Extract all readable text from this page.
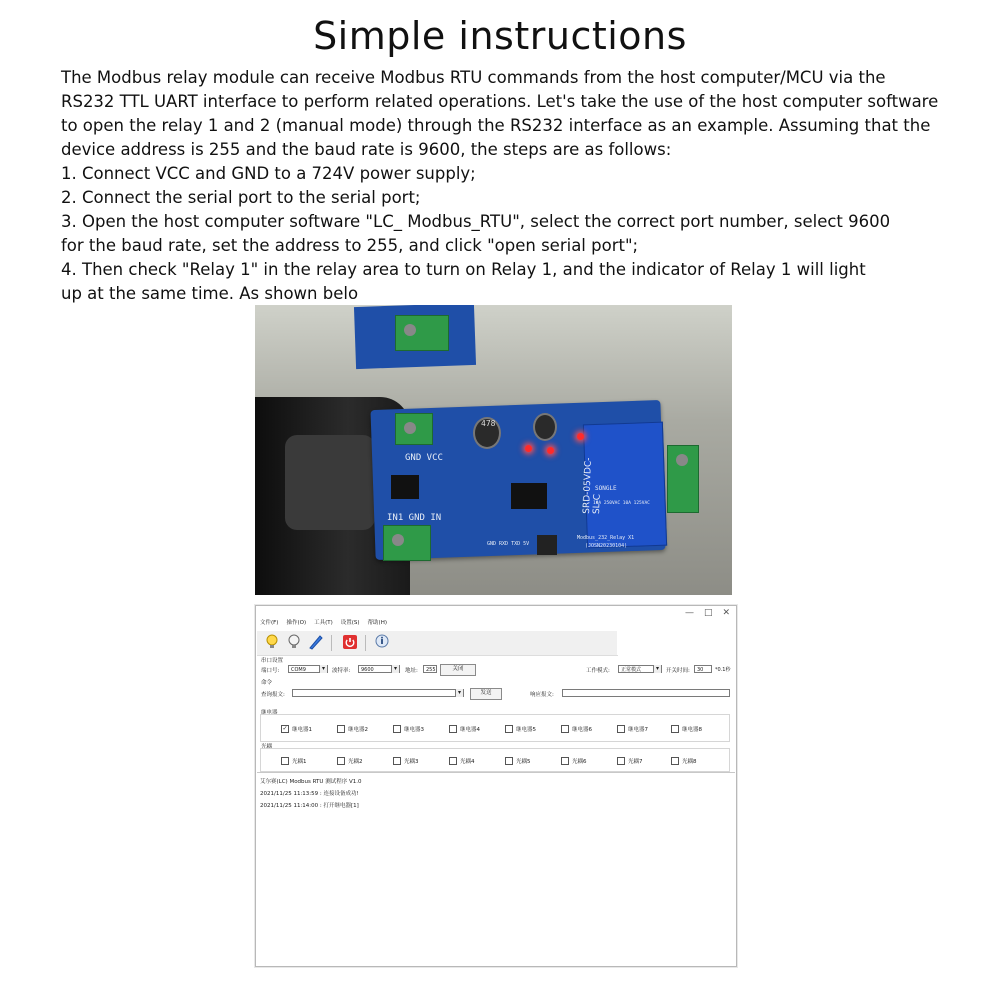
Simple instructions

The Modbus relay module can receive Modbus RTU commands from the host computer/MCU via the

RS232 TTL UART interface to perform related operations. Let's take the use of the host computer software

to open the relay 1 and 2 (manual mode) through the RS232 interface as an example. Assuming that the

device address is 255 and the baud rate is 9600, the steps are as follows:

1. Connect VCC and GND to a 724V power supply;

2. Connect the serial port to the serial port;

3. Open the host computer software "LC_ Modbus_RTU", select the correct port number, select 9600

for the baud rate, set the address to 255, and click "open serial port";

4. Then check "Relay 1" in the relay area to turn on Relay 1, and the indicator of Relay 1 will light

up at the same time. As shown belo

SRD-05VDC-SL-C
GND VCC
IN1 GND IN
478
GND RXD TXD 5V
Modbus_232_Relay X1
(JOSN20230104)
SONGLE
10A 250VAC 10A 125VAC
— □ ✕
文件(F) 操作(O) 工具(T) 设置(S) 帮助(H)
串口设置
端口号:	COM9 ▾	波特率:	9600 ▾	地址:	255	关闭	工作模式:	正常模式 ▾	开关时间:	30	*0.1秒
命令
查询报文:
▾	发送	响应报文:
继电器
✓ 继电器1	继电器2	继电器3	继电器4	继电器5	继电器6	继电器7	继电器8
光耦
光耦1	光耦2	光耦3	光耦4	光耦5	光耦6	光耦7	光耦8
艾尔赛(LC) Modbus RTU 测试程序 V1.0
2021/11/25 11:13:59 : 连接设备成功!
2021/11/25 11:14:00 : 打开继电器[1]
